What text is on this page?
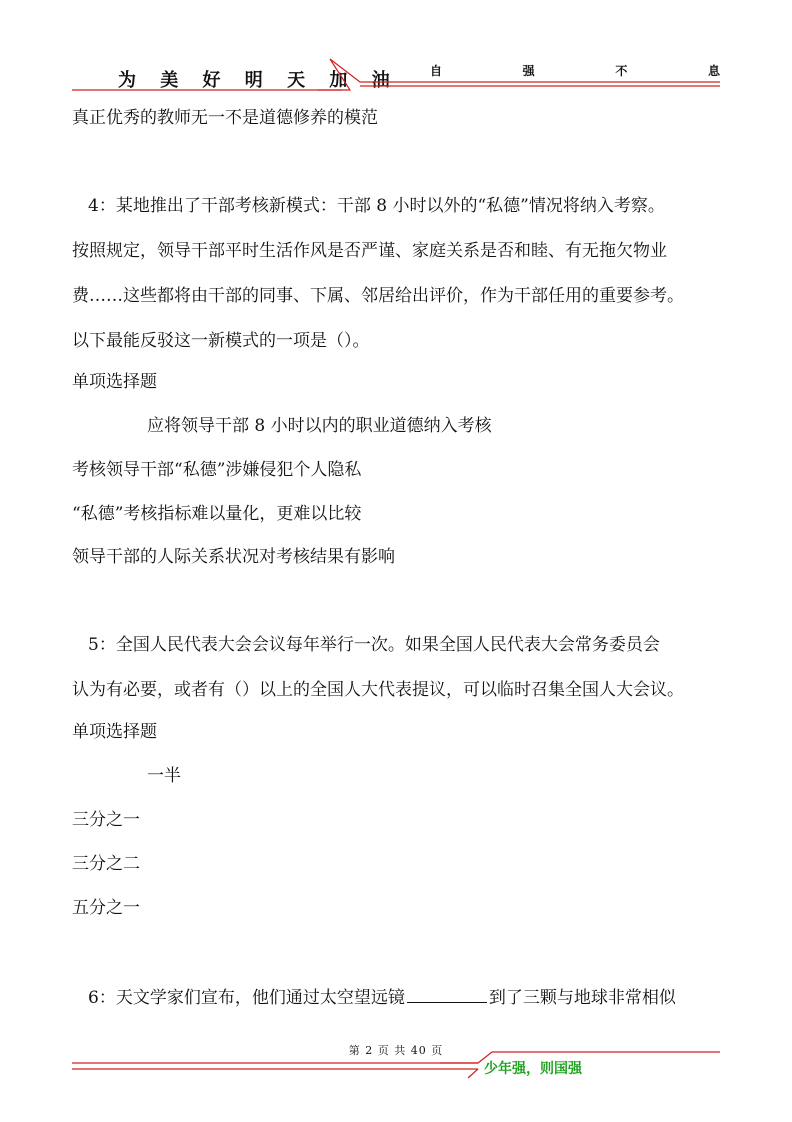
为 美 好 明 天 加 油	自	强	不	息
真正优秀的教师无一不是道德修养的模范
4：某地推出了干部考核新模式：干部 8 小时以外的“私德”情况将纳入考察。
按照规定，领导干部平时生活作风是否严谨、家庭关系是否和睦、有无拖欠物业
费……这些都将由干部的同事、下属、邻居给出评价，作为干部任用的重要参考。
以下最能反驳这一新模式的一项是（）。
单项选择题
应将领导干部 8 小时以内的职业道德纳入考核
考核领导干部“私德”涉嫌侵犯个人隐私
“私德”考核指标难以量化，更难以比较
领导干部的人际关系状况对考核结果有影响
5：全国人民代表大会会议每年举行一次。如果全国人民代表大会常务委员会
认为有必要，或者有（）以上的全国人大代表提议，可以临时召集全国人大会议。
单项选择题
一半
三分之一
三分之二
五分之一
6：天文学家们宣布，他们通过太空望远镜	到了三颗与地球非常相似
第 2 页 共 40 页
少年强，则国强
